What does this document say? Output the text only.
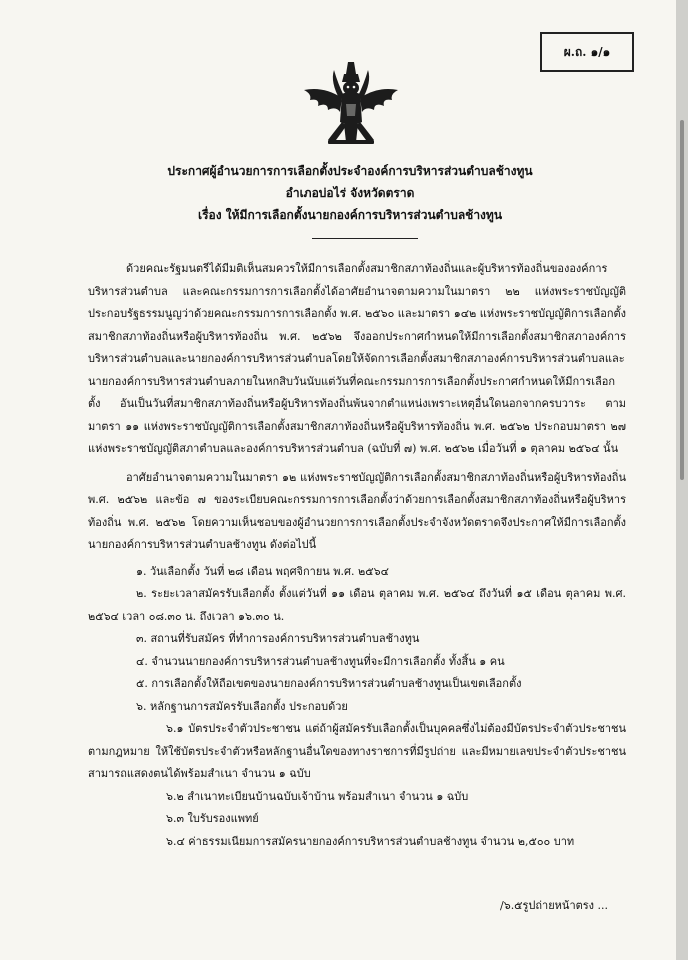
ผ.ถ. ๑/๑
ประกาศผู้อำนวยการการเลือกตั้งประจำองค์การบริหารส่วนตำบลช้างทูน
อำเภอบ่อไร่ จังหวัดตราด
เรื่อง ให้มีการเลือกตั้งนายกองค์การบริหารส่วนตำบลช้างทูน

ด้วยคณะรัฐมนตรีได้มีมติเห็นสมควรให้มีการเลือกตั้งสมาชิกสภาท้องถิ่นและผู้บริหารท้องถิ่นขององค์การบริหารส่วนตำบล และคณะกรรมการการเลือกตั้งได้อาศัยอำนาจตามความในมาตรา ๒๒ แห่งพระราชบัญญัติประกอบรัฐธรรมนูญว่าด้วยคณะกรรมการการเลือกตั้ง พ.ศ. ๒๕๖๐ และมาตรา ๑๔๒ แห่งพระราชบัญญัติการเลือกตั้งสมาชิกสภาท้องถิ่นหรือผู้บริหารท้องถิ่น พ.ศ. ๒๕๖๒ จึงออกประกาศกำหนดให้มีการเลือกตั้งสมาชิกสภาองค์การบริหารส่วนตำบลและนายกองค์การบริหารส่วนตำบลโดยให้จัดการเลือกตั้งสมาชิกสภาองค์การบริหารส่วนตำบลและนายกองค์การบริหารส่วนตำบลภายในหกสิบวันนับแต่วันที่คณะกรรมการการเลือกตั้งประกาศกำหนดให้มีการเลือกตั้ง อันเป็นวันที่สมาชิกสภาท้องถิ่นหรือผู้บริหารท้องถิ่นพ้นจากตำแหน่งเพราะเหตุอื่นใดนอกจากครบวาระ ตามมาตรา ๑๑ แห่งพระราชบัญญัติการเลือกตั้งสมาชิกสภาท้องถิ่นหรือผู้บริหารท้องถิ่น พ.ศ. ๒๕๖๒ ประกอบมาตรา ๒๗ แห่งพระราชบัญญัติสภาตำบลและองค์การบริหารส่วนตำบล (ฉบับที่ ๗) พ.ศ. ๒๕๖๒ เมื่อวันที่ ๑ ตุลาคม ๒๕๖๔ นั้น

อาศัยอำนาจตามความในมาตรา ๑๒ แห่งพระราชบัญญัติการเลือกตั้งสมาชิกสภาท้องถิ่นหรือผู้บริหารท้องถิ่น พ.ศ. ๒๕๖๒ และข้อ ๗ ของระเบียบคณะกรรมการการเลือกตั้งว่าด้วยการเลือกตั้งสมาชิกสภาท้องถิ่นหรือผู้บริหารท้องถิ่น พ.ศ. ๒๕๖๒ โดยความเห็นชอบของผู้อำนวยการการเลือกตั้งประจำจังหวัดตราดจึงประกาศให้มีการเลือกตั้งนายกองค์การบริหารส่วนตำบลช้างทูน ดังต่อไปนี้

๑. วันเลือกตั้ง วันที่ ๒๘ เดือน พฤศจิกายน พ.ศ. ๒๕๖๔
๒. ระยะเวลาสมัครรับเลือกตั้ง ตั้งแต่วันที่ ๑๑ เดือน ตุลาคม พ.ศ. ๒๕๖๔ ถึงวันที่ ๑๕ เดือน ตุลาคม พ.ศ. ๒๕๖๔ เวลา ๐๘.๓๐ น. ถึงเวลา ๑๖.๓๐ น.
๓. สถานที่รับสมัคร ที่ทำการองค์การบริหารส่วนตำบลช้างทูน
๔. จำนวนนายกองค์การบริหารส่วนตำบลช้างทูนที่จะมีการเลือกตั้ง ทั้งสิ้น ๑ คน
๕. การเลือกตั้งให้ถือเขตของนายกองค์การบริหารส่วนตำบลช้างทูนเป็นเขตเลือกตั้ง
๖. หลักฐานการสมัครรับเลือกตั้ง ประกอบด้วย
๖.๑ บัตรประจำตัวประชาชน แต่ถ้าผู้สมัครรับเลือกตั้งเป็นบุคคลซึ่งไม่ต้องมีบัตรประจำตัวประชาชนตามกฎหมาย ให้ใช้บัตรประจำตัวหรือหลักฐานอื่นใดของทางราชการที่มีรูปถ่าย และมีหมายเลขประจำตัวประชาชนสามารถแสดงตนได้พร้อมสำเนา จำนวน ๑ ฉบับ
๖.๒ สำเนาทะเบียนบ้านฉบับเจ้าบ้าน พร้อมสำเนา จำนวน ๑ ฉบับ
๖.๓ ใบรับรองแพทย์
๖.๔ ค่าธรรมเนียมการสมัครนายกองค์การบริหารส่วนตำบลช้างทูน จำนวน ๒,๕๐๐ บาท
/๖.๕รูปถ่ายหน้าตรง ...
